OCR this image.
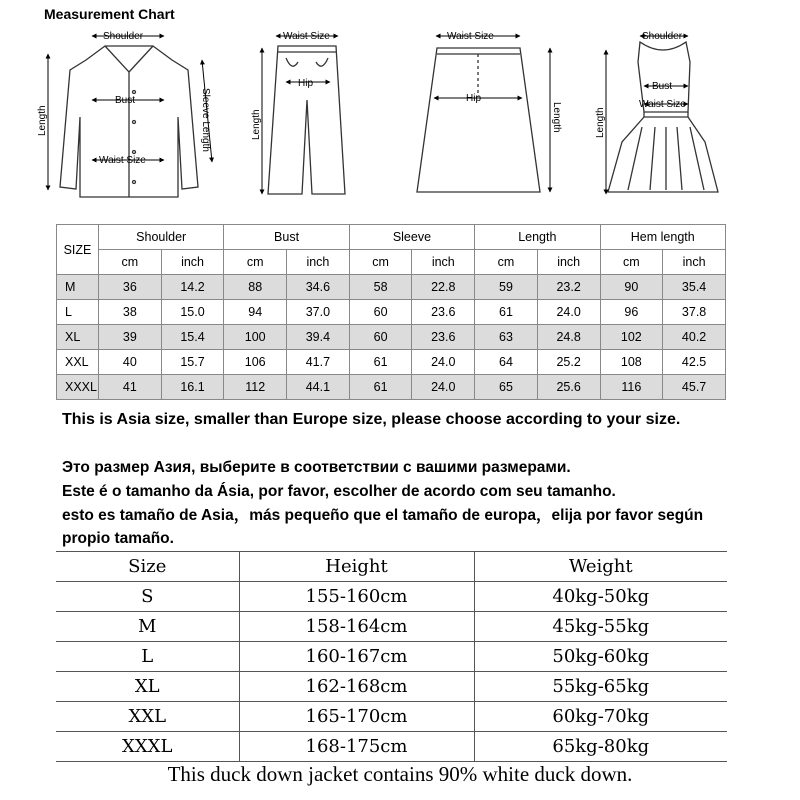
Measurement Chart
Shoulder
Bust
Waist Size
Length	Sleeve Length
Waist Size
Hip
Length
Waist Size
Hip
Length
Shoulder
Bust
Waist Size
Length
SIZE	Shoulder		Bust		Sleeve		Length		Hem length	
	cm	inch	cm	inch	cm	inch	cm	inch	cm	inch
M	36	14.2	88	34.6	58	22.8	59	23.2	90	35.4
L	38	15.0	94	37.0	60	23.6	61	24.0	96	37.8
XL	39	15.4	100	39.4	60	23.6	63	24.8	102	40.2
XXL	40	15.7	106	41.7	61	24.0	64	25.2	108	42.5
XXXL	41	16.1	112	44.1	61	24.0	65	25.6	116	45.7
This is Asia size, smaller than Europe size, please choose according to your size.
Это размер Азия, выберите в соответствии с вашими размерами.
Este é o tamanho da Ásia, por favor, escolher de acordo com seu tamanho.
esto es tamaño de Asia，más pequeño que el tamaño de europa，elija por favor según propio tamaño.
Size	Height	Weight
S	155-160cm	40kg-50kg
M	158-164cm	45kg-55kg
L	160-167cm	50kg-60kg
XL	162-168cm	55kg-65kg
XXL	165-170cm	60kg-70kg
XXXL	168-175cm	65kg-80kg
This duck down jacket contains 90% white duck down.
